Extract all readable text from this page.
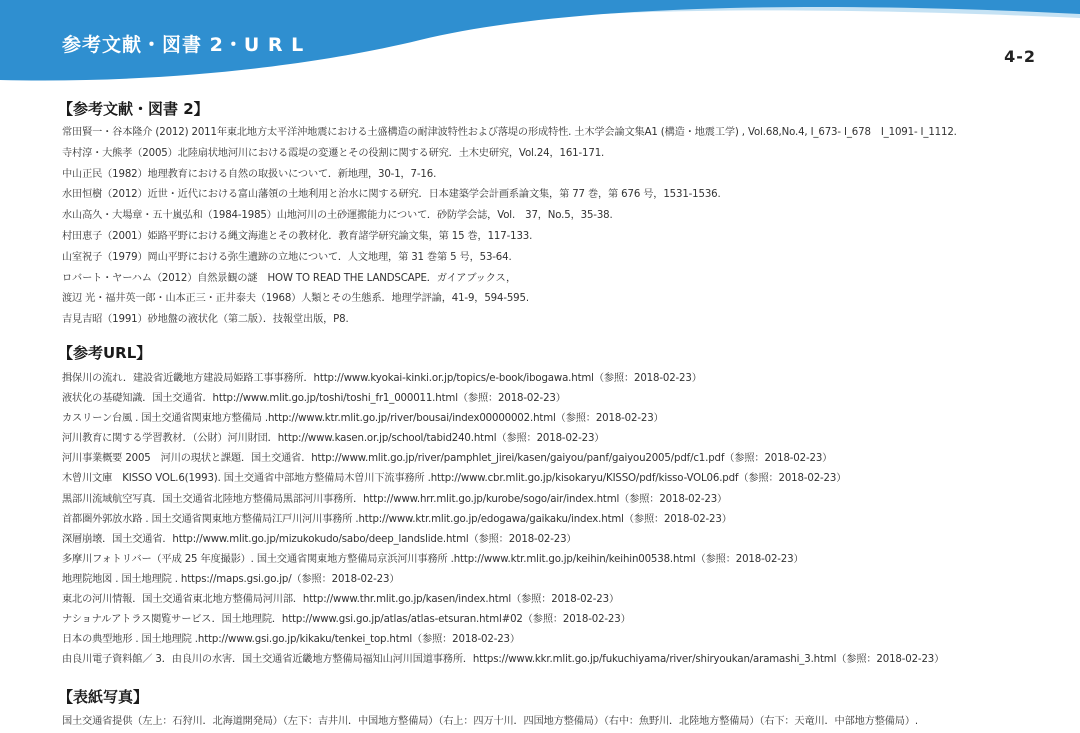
参考文献・図書 2・U R L
4-2
【参考文献・図書 2】
常田賢一・谷本隆介 (2012) 2011年東北地方太平洋沖地震における土盛構造の耐津波特性および落堤の形成特性. 土木学会論文集A1 (構造・地震工学) , Vol.68,No.4, I_673- I_678　I_1091- I_1112.
寺村淳・大熊孝（2005）北陸扇状地河川における霞堤の変遷とその役割に関する研究．土木史研究，Vol.24，161-171.
中山正民（1982）地理教育における自然の取扱いについて．新地理，30-1，7-16.
水田恒樹（2012）近世・近代における富山藩領の土地利用と治水に関する研究．日本建築学会計画系論文集，第 77 巻，第 676 号，1531-1536.
水山高久・大場章・五十嵐弘和（1984-1985）山地河川の土砂運搬能力について．砂防学会誌，Vol.　37，No.5，35-38.
村田恵子（2001）姫路平野における縄文海進とその教材化．教育諸学研究論文集，第 15 巻，117-133.
山室祝子（1979）岡山平野における弥生遺跡の立地について．人文地理，第 31 巻第 5 号，53-64.
ロバート・ヤーハム（2012）自然景観の謎　HOW TO READ THE LANDSCAPE．ガイアブックス，
渡辺 光・福井英一郎・山本正三・正井泰夫（1968）人類とその生態系．地理学評論，41-9，594-595.
吉見吉昭（1991）砂地盤の液状化（第二版）．技報堂出版，P8.
【参考URL】
揖保川の流れ．建設省近畿地方建設局姫路工事事務所．http://www.kyokai-kinki.or.jp/topics/e-book/ibogawa.html（参照：2018-02-23）
液状化の基礎知識．国土交通省．http://www.mlit.go.jp/toshi/toshi_fr1_000011.html（参照：2018-02-23）
カスリーン台風 . 国土交通省関東地方整備局 .http://www.ktr.mlit.go.jp/river/bousai/index00000002.html（参照：2018-02-23）
河川教育に関する学習教材．（公財）河川財団．http://www.kasen.or.jp/school/tabid240.html（参照：2018-02-23）
河川事業概要 2005　河川の現状と課題．国土交通省．http://www.mlit.go.jp/river/pamphlet_jirei/kasen/gaiyou/panf/gaiyou2005/pdf/c1.pdf（参照：2018-02-23）
木曾川文庫　KISSO VOL.6(1993). 国土交通省中部地方整備局木曽川下流事務所 .http://www.cbr.mlit.go.jp/kisokaryu/KISSO/pdf/kisso-VOL06.pdf（参照：2018-02-23）
黒部川流域航空写真．国土交通省北陸地方整備局黒部河川事務所．http://www.hrr.mlit.go.jp/kurobe/sogo/air/index.html（参照：2018-02-23）
首都圏外郭放水路 . 国土交通省関東地方整備局江戸川河川事務所 .http://www.ktr.mlit.go.jp/edogawa/gaikaku/index.html（参照：2018-02-23）
深層崩壊．国土交通省．http://www.mlit.go.jp/mizukokudo/sabo/deep_landslide.html（参照：2018-02-23）
多摩川フォトリバー（平成 25 年度撮影）. 国土交通省関東地方整備局京浜河川事務所 .http://www.ktr.mlit.go.jp/keihin/keihin00538.html（参照：2018-02-23）
地理院地図 . 国土地理院 . https://maps.gsi.go.jp/（参照：2018-02-23）
東北の河川情報．国土交通省東北地方整備局河川部．http://www.thr.mlit.go.jp/kasen/index.html（参照：2018-02-23）
ナショナルアトラス閲覧サービス．国土地理院．http://www.gsi.go.jp/atlas/atlas-etsuran.html#02（参照：2018-02-23）
日本の典型地形 . 国土地理院 .http://www.gsi.go.jp/kikaku/tenkei_top.html（参照：2018-02-23）
由良川電子資料館／ 3．由良川の水害．国土交通省近畿地方整備局福知山河川国道事務所．https://www.kkr.mlit.go.jp/fukuchiyama/river/shiryoukan/aramashi_3.html（参照：2018-02-23）
【表紙写真】
国土交通省提供（左上：石狩川．北海道開発局）（左下：吉井川．中国地方整備局）（右上：四万十川．四国地方整備局）（右中：魚野川．北陸地方整備局）（右下：天竜川．中部地方整備局）.
